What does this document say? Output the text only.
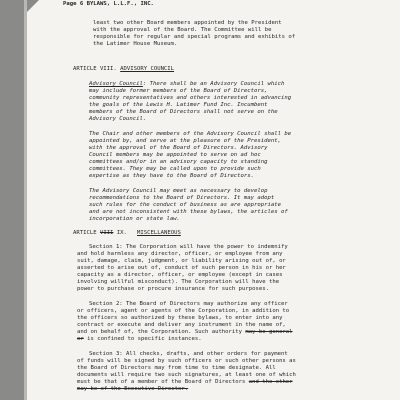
Page 6 BYLAWS, L.L.F., INC.
least two other Board members appointed by the President
with the approval of the Board. The Committee will be
responsible for regular and special programs and exhibits of
the Latimer House Museum.
ARTICLE VIII. ADVISORY COUNCIL
Advisory Council: There shall be an Advisory Council which
may include former members of the Board of Directors,
community representatives and others interested in advancing
the goals of the Lewis H. Latimer Fund Inc. Incumbent
members of the Board of Directors shall not serve on the
Advisory Council.
The Chair and other members of the Advisory Council shall be
appointed by, and serve at the pleasure of the President,
with the approval of the Board of Directors. Advisory
Council members may be appointed to serve on ad hoc
committees and/or in an advisory capacity to standing
committees. They may be called upon to provide such
expertise as they have to the Board of Directors.
The Advisory Council may meet as necessary to develop
recommendations to the Board of Directors. It may adopt
such rules for the conduct of business as are appropriate
and are not inconsistent with these bylaws, the articles of
incorporation or state law.
ARTICLE VIII IX. MISCELLANEOUS
Section 1: The Corporation will have the power to indemnify
and hold harmless any director, officer, or employee from any
suit, damage, claim, judgment, or liability arising out of, or
asserted to arise out of, conduct of such person in his or her
capacity as a director, officer, or employee (except in cases
involving willful misconduct). The Corporation will have the
power to purchase or procure insurance for such purposes.
Section 2: The Board of Directors may authorize any officer
or officers, agent or agents of the Corporation, in addition to
the officers so authorized by these bylaws, to enter into any
contract or execute and deliver any instrument in the name of,
and on behalf of, the Corporation. Such authority may be general
or is confined to specific instances.
Section 3: All checks, drafts, and other orders for payment
of funds will be signed by such officers or such other persons as
the Board of Directors may from time to time designate. All
documents will require two such signatures, at least one of which
must be that of a member of the Board of Directors and the other
may be of the Executive Director.
